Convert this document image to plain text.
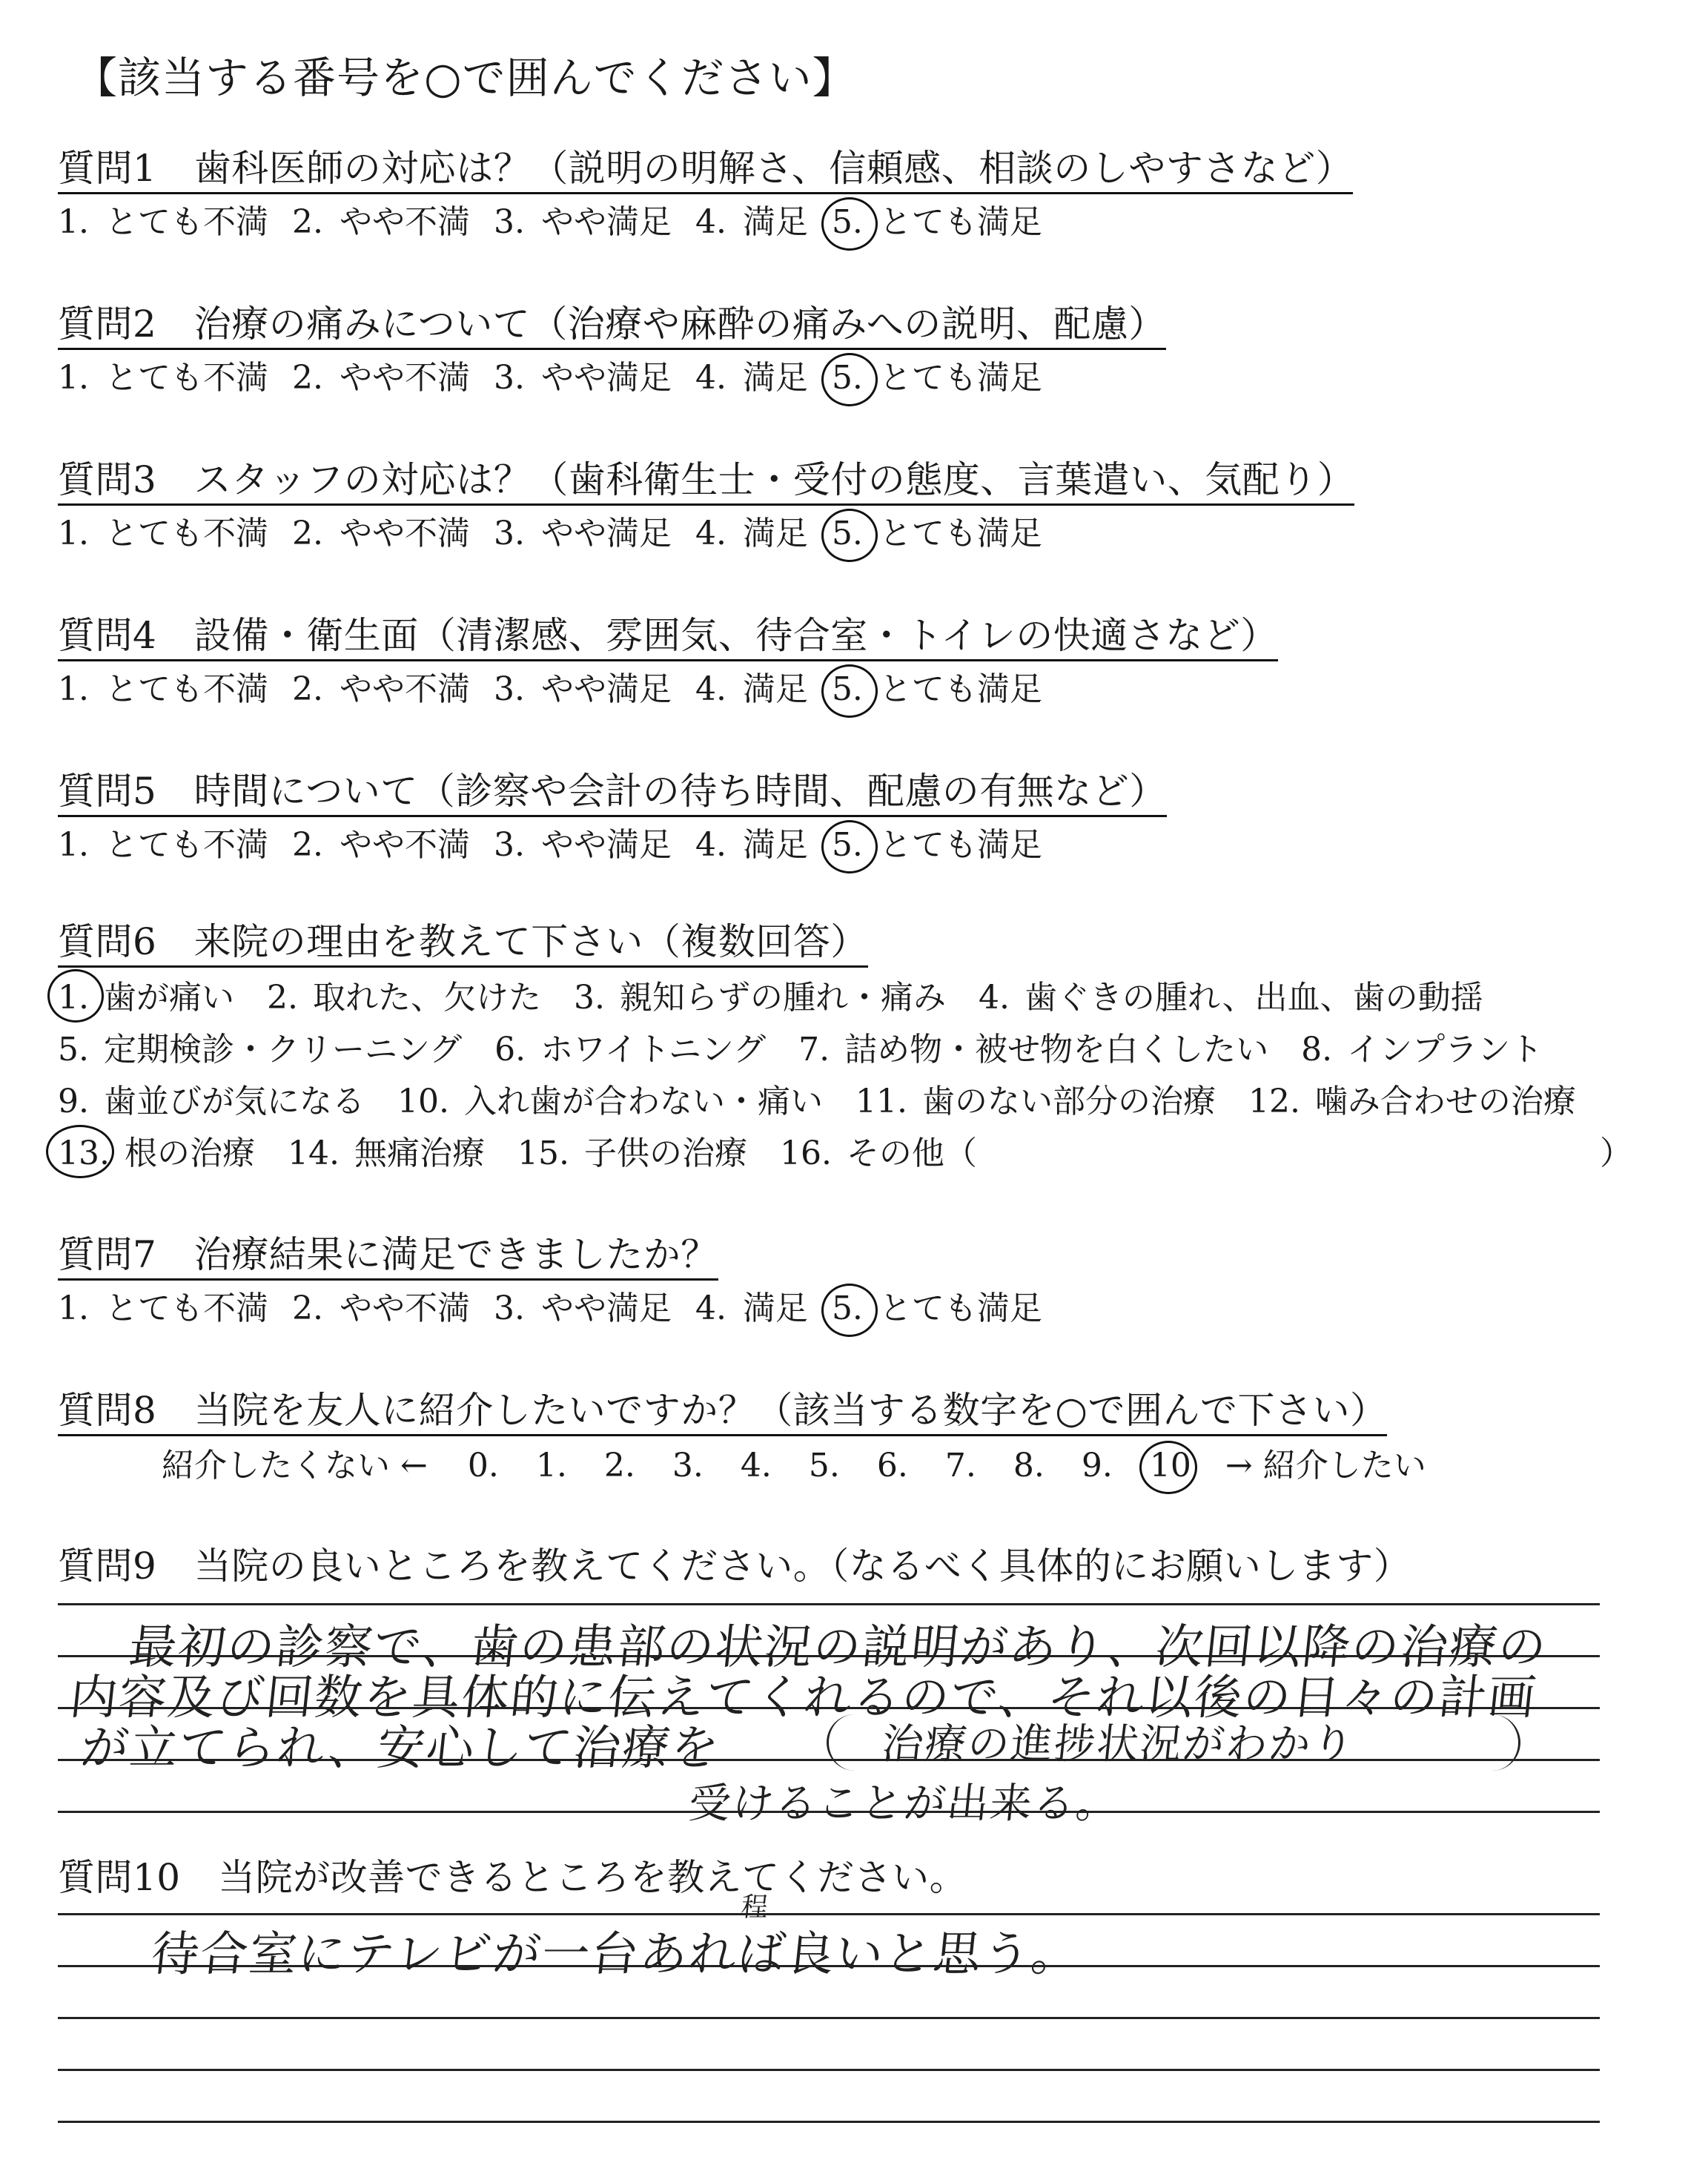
【該当する番号を○で囲んでください】
質問1　歯科医師の対応は？（説明の明解さ、信頼感、相談のしやすさなど）
1. とても不満 2. やや不満 3. やや満足 4. 満足 5. とても満足
質問2　治療の痛みについて（治療や麻酔の痛みへの説明、配慮）
1. とても不満 2. やや不満 3. やや満足 4. 満足 5. とても満足
質問3　スタッフの対応は？（歯科衛生士・受付の態度、言葉遣い、気配り）
1. とても不満 2. やや不満 3. やや満足 4. 満足 5. とても満足
質問4　設備・衛生面（清潔感、雰囲気、待合室・トイレの快適さなど）
1. とても不満 2. やや不満 3. やや満足 4. 満足 5. とても満足
質問5　時間について（診察や会計の待ち時間、配慮の有無など）
1. とても不満 2. やや不満 3. やや満足 4. 満足 5. とても満足
質問6　来院の理由を教えて下さい（複数回答）
1. 歯が痛い 2. 取れた、欠けた 3. 親知らずの腫れ・痛み 4. 歯ぐきの腫れ、出血、歯の動揺
5. 定期検診・クリーニング 6. ホワイトニング 7. 詰め物・被せ物を白くしたい 8. インプラント
9. 歯並びが気になる 10. 入れ歯が合わない・痛い 11. 歯のない部分の治療 12. 噛み合わせの治療
13. 根の治療 14. 無痛治療 15. 子供の治療 16. その他（	）
質問7　治療結果に満足できましたか？
1. とても不満 2. やや不満 3. やや満足 4. 満足 5. とても満足
質問8　当院を友人に紹介したいですか？（該当する数字を○で囲んで下さい）
紹介したくない ← 0. 1. 2. 3. 4. 5. 6. 7. 8. 9. 10 → 紹介したい
質問9　当院の良いところを教えてください。（なるべく具体的にお願いします）
最初の診察で、歯の患部の状況の説明があり、次回以降の治療の
内容及び回数を具体的に伝えてくれるので、それ以後の日々の計画
が立てられ、安心して治療を	治療の進捗状況がわかり
受けることが出来る。
質問10　当院が改善できるところを教えてください。
待合室にテレビが一台あれば良いと思う。
程
